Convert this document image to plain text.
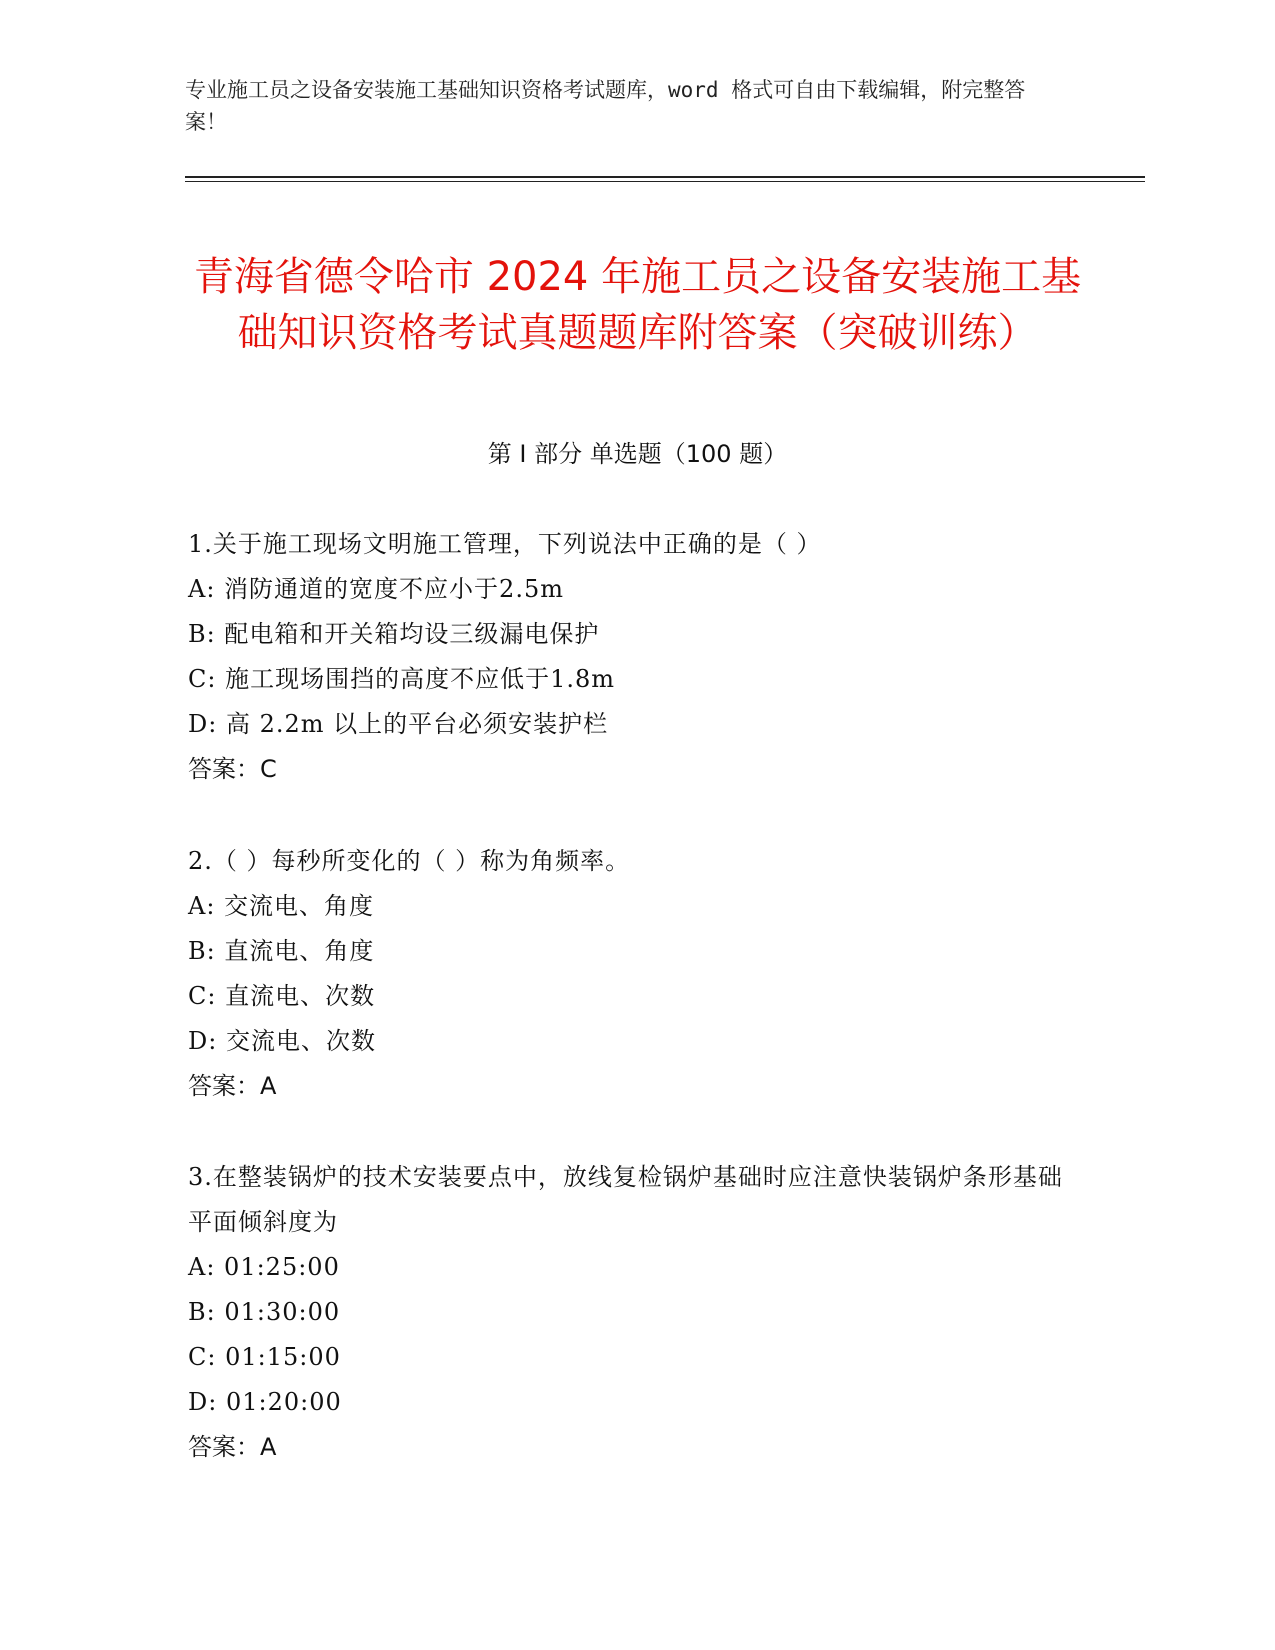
专业施工员之设备安装施工基础知识资格考试题库，word 格式可自由下载编辑，附完整答案！
青海省德令哈市 2024 年施工员之设备安装施工基础知识资格考试真题题库附答案（突破训练）
第 I 部分 单选题（100 题）
1.关于施工现场文明施工管理，下列说法中正确的是（ ）
A: 消防通道的宽度不应小于2.5m
B: 配电箱和开关箱均设三级漏电保护
C: 施工现场围挡的高度不应低于1.8m
D: 高 2.2m 以上的平台必须安装护栏
答案：C
2.（ ）每秒所变化的（ ）称为角频率。
A: 交流电、角度
B: 直流电、角度
C: 直流电、次数
D: 交流电、次数
答案：A
3.在整装锅炉的技术安装要点中，放线复检锅炉基础时应注意快装锅炉条形基础平面倾斜度为
A: 01:25:00
B: 01:30:00
C: 01:15:00
D: 01:20:00
答案：A
